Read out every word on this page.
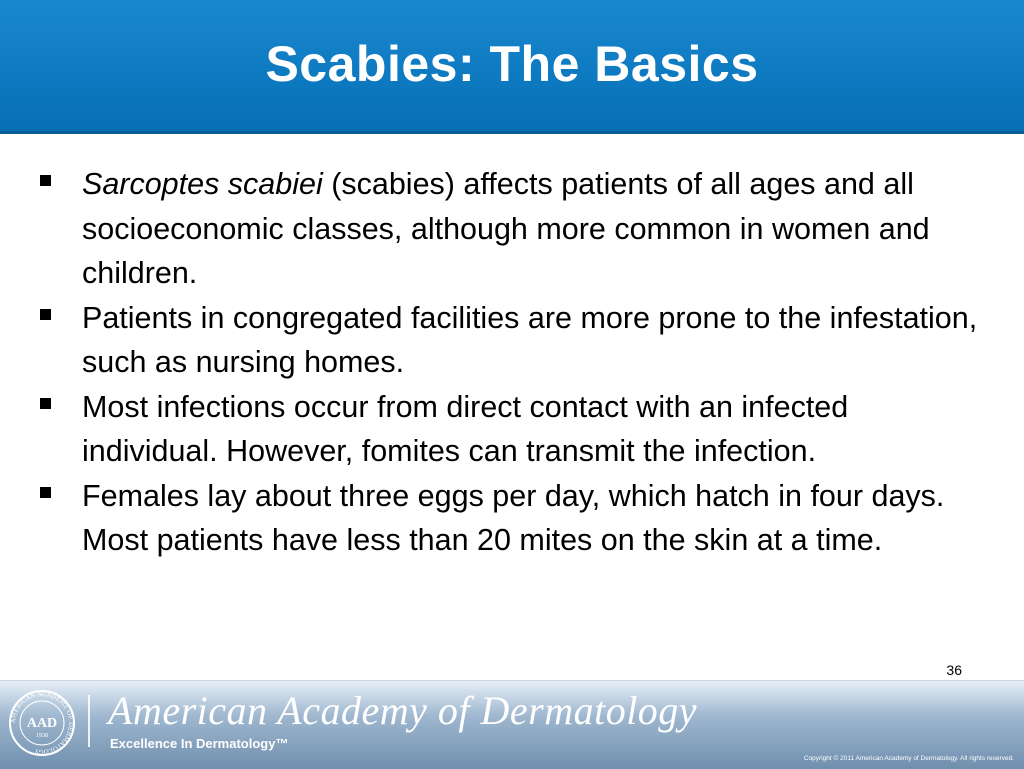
Scabies: The Basics
Sarcoptes scabiei (scabies) affects patients of all ages and all socioeconomic classes, although more common in women and children.
Patients in congregated facilities are more prone to the infestation, such as nursing homes.
Most infections occur from direct contact with an infected individual. However, fomites can transmit the infection.
Females lay about three eggs per day, which hatch in four days. Most patients have less than 20 mites on the skin at a time.
36
AMERICAN ACADEMY OF DERMATOLOGY
AAD
1938
American Academy of Dermatology
Excellence In Dermatology™
Copyright © 2011 American Academy of Dermatology. All rights reserved.
